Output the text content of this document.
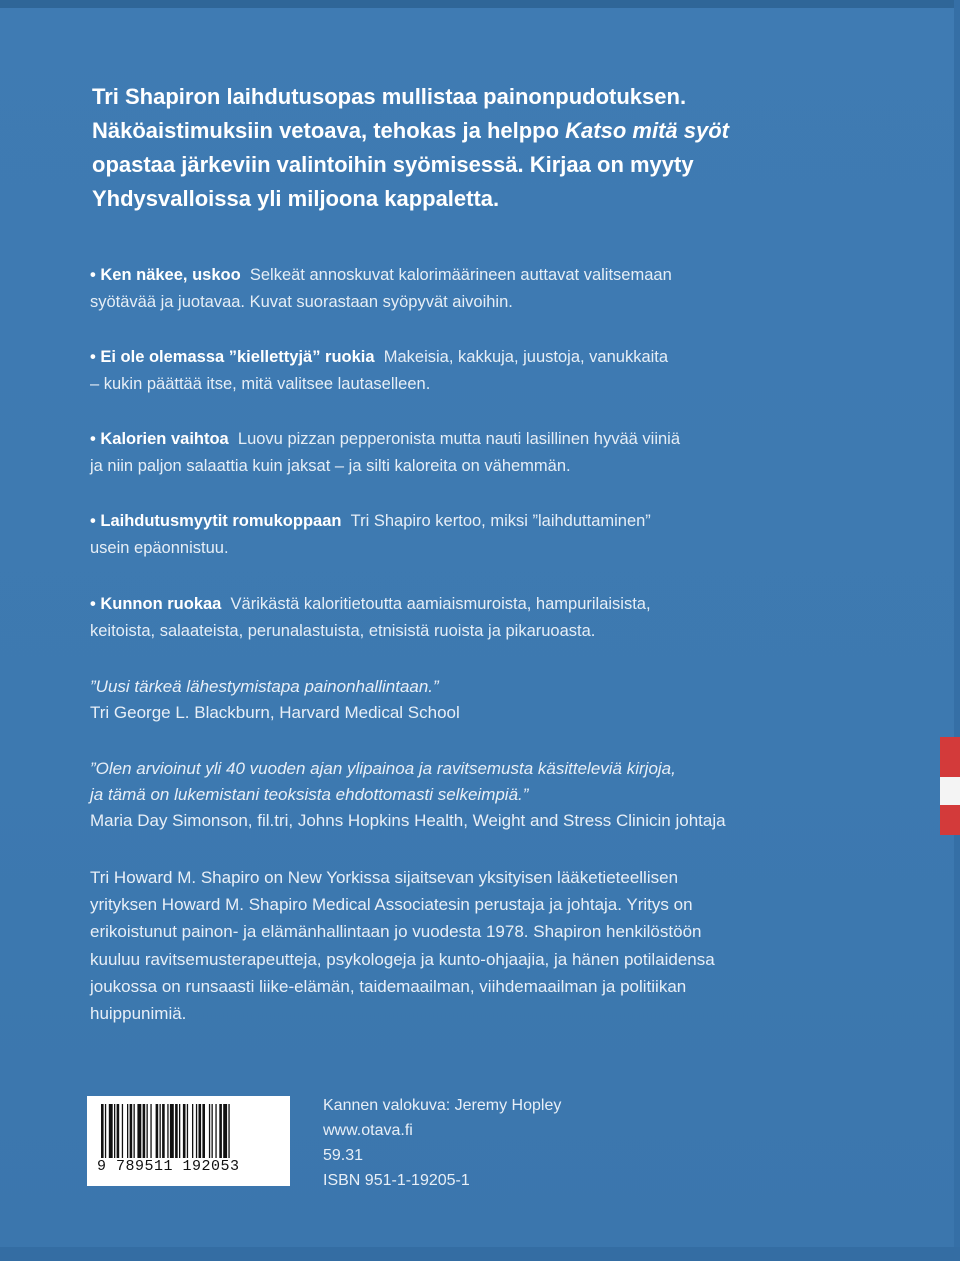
Tri Shapiron laihdutusopas mullistaa painonpudotuksen.

Näköaistimuksiin vetoava, tehokas ja helppo Katso mitä syöt

opastaa järkeviin valintoihin syömisessä. Kirjaa on myyty

Yhdysvalloissa yli miljoona kappaletta.

• Ken näkee, uskoo Selkeät annoskuvat kalorimäärineen auttavat valitsemaan
syötävää ja juotavaa. Kuvat suorastaan syöpyvät aivoihin.
• Ei ole olemassa ”kiellettyjä” ruokia Makeisia, kakkuja, juustoja, vanukkaita
– kukin päättää itse, mitä valitsee lautaselleen.
• Kalorien vaihtoa Luovu pizzan pepperonista mutta nauti lasillinen hyvää viiniä
ja niin paljon salaattia kuin jaksat – ja silti kaloreita on vähemmän.
• Laihdutusmyytit romukoppaan Tri Shapiro kertoo, miksi ”laihduttaminen”
usein epäonnistuu.
• Kunnon ruokaa Värikästä kaloritietoutta aamiaismuroista, hampurilaisista,
keitoista, salaateista, perunalastuista, etnisistä ruoista ja pikaruoasta.
”Uusi tärkeä lähestymistapa painonhallintaan.”
Tri George L. Blackburn, Harvard Medical School
”Olen arvioinut yli 40 vuoden ajan ylipainoa ja ravitsemusta käsitteleviä kirjoja,
ja tämä on lukemistani teoksista ehdottomasti selkeimpiä.”
Maria Day Simonson, fil.tri, Johns Hopkins Health, Weight and Stress Clinicin johtaja
Tri Howard M. Shapiro on New Yorkissa sijaitsevan yksityisen lääketieteellisen
yrityksen Howard M. Shapiro Medical Associatesin perustaja ja johtaja. Yritys on
erikoistunut painon- ja elämänhallintaan jo vuodesta 1978. Shapiron henkilöstöön
kuuluu ravitsemusterapeutteja, psykologeja ja kunto-ohjaajia, ja hänen potilaidensa
joukossa on runsaasti liike-elämän, taidemaailman, viihdemaailman ja politiikan
huippunimiä.
9 789511 192053
Kannen valokuva: Jeremy Hopley
www.otava.fi
59.31
ISBN 951-1-19205-1
